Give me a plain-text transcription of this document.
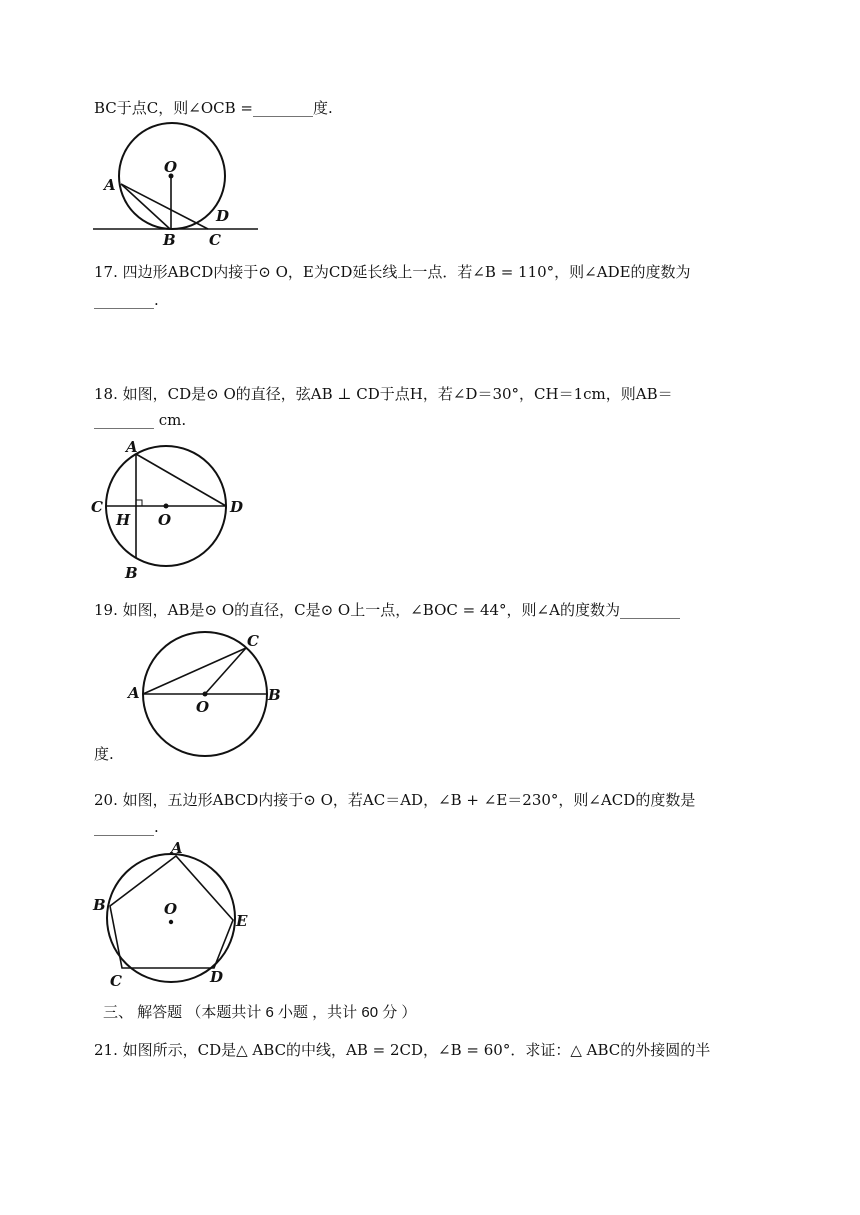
BC于点C，则∠OCB =________度.
O
A
D
B C
17. 四边形ABCD内接于⊙ O，E为CD延长线上一点．若∠B = 110°，则∠ADE的度数为
________.
18. 如图，CD是⊙ O的直径，弦AB ⊥ CD于点H，若∠D＝30°，CH＝1cm，则AB＝
________ cm.
A
C
H O
D
B
19. 如图，AB是⊙ O的直径，C是⊙ O上一点，∠BOC = 44°，则∠A的度数为________
C
A
O
B
度.
20. 如图，五边形ABCD内接于⊙ O，若AC＝AD，∠B + ∠E＝230°，则∠ACD的度数是
________.
A
B	O
E
C	D
三、 解答题 （本题共计 6 小题 ，共计 60 分 ）
21. 如图所示，CD是△ ABC的中线，AB = 2CD，∠B = 60°．求证：△ ABC的外接圆的半
